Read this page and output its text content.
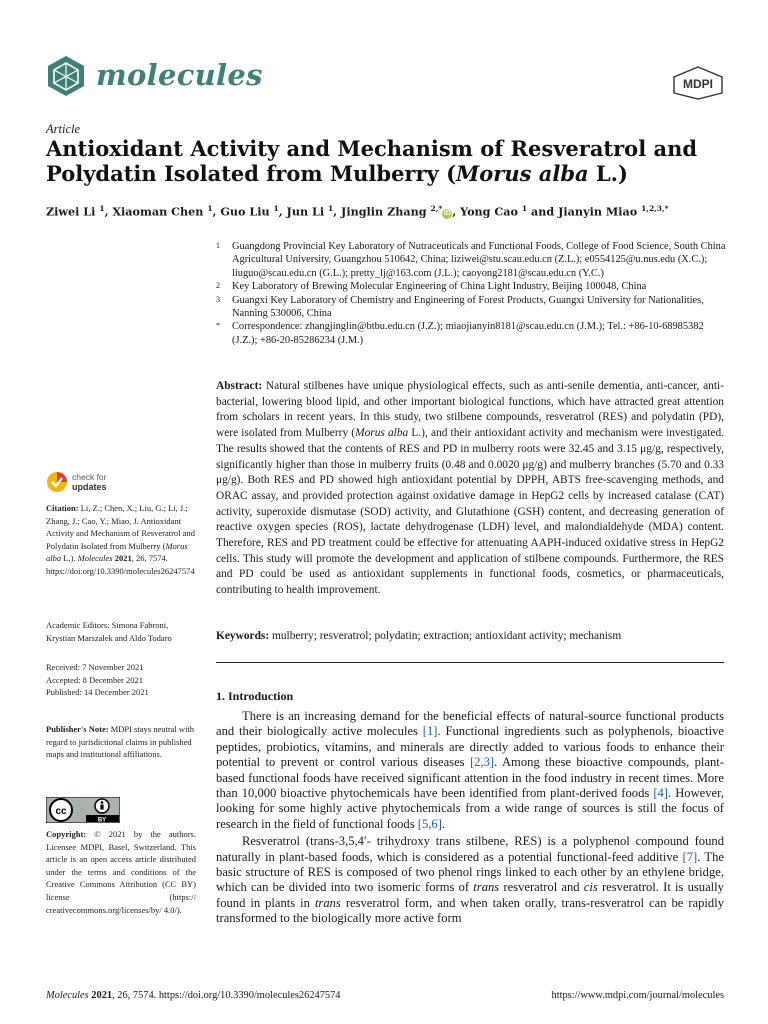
molecules	MDPI
Article
Antioxidant Activity and Mechanism of Resveratrol and
Polydatin Isolated from Mulberry (Morus alba L.)
Ziwei Li $^1$, Xiaoman Chen $^1$, Guo Liu $^1$, Jun Li $^1$, Jinglin Zhang $^{2,*}$iD , Yong Cao $^1$ and Jianyin Miao $^{1,2,3,*}$
1	Guangdong Provincial Key Laboratory of Nutraceuticals and Functional Foods, College of Food Science, South China Agricultural University, Guangzhou 510642, China; liziwei@stu.scau.edu.cn (Z.L.); e0554125@u.nus.edu (X.C.); liuguo@scau.edu.cn (G.L.); pretty_lj@163.com (J.L.); caoyong2181@scau.edu.cn (Y.C.)
2	Key Laboratory of Brewing Molecular Engineering of China Light Industry, Beijing 100048, China
3	Guangxi Key Laboratory of Chemistry and Engineering of Forest Products, Guangxi University for Nationalities, Nanning 530006, China
*	Correspondence: zhangjinglin@btbu.edu.cn (J.Z.); miaojianyin8181@scau.edu.cn (J.M.); Tel.: +86-10-68985382 (J.Z.); +86-20-85286234 (J.M.)
Abstract: Natural stilbenes have unique physiological effects, such as anti-senile dementia, anti-cancer, anti-bacterial, lowering blood lipid, and other important biological functions, which have attracted great attention from scholars in recent years. In this study, two stilbene compounds, resveratrol (RES) and polydatin (PD), were isolated from Mulberry (Morus alba L.), and their antioxidant activity and mechanism were investigated. The results showed that the contents of RES and PD in mulberry roots were 32.45 and 3.15 μg/g, respectively, significantly higher than those in mulberry fruits (0.48 and 0.0020 μg/g) and mulberry branches (5.70 and 0.33 μg/g). Both RES and PD showed high antioxidant potential by DPPH, ABTS free-scavenging methods, and ORAC assay, and provided protection against oxidative damage in HepG2 cells by increased catalase (CAT) activity, superoxide dismutase (SOD) activity, and Glutathione (GSH) content, and decreasing generation of reactive oxygen species (ROS), lactate dehydrogenase (LDH) level, and malondialdehyde (MDA) content. Therefore, RES and PD treatment could be effective for attenuating AAPH-induced oxidative stress in HepG2 cells. This study will promote the development and application of stilbene compounds. Furthermore, the RES and PD could be used as antioxidant supplements in functional foods, cosmetics, or pharmaceuticals, contributing to health improvement.
Keywords: mulberry; resveratrol; polydatin; extraction; antioxidant activity; mechanism
1. Introduction

There is an increasing demand for the beneficial effects of natural-source functional products and their biologically active molecules [1]. Functional ingredients such as polyphenols, bioactive peptides, probiotics, vitamins, and minerals are directly added to various foods to enhance their potential to prevent or control various diseases [2,3]. Among these bioactive compounds, plant-based functional foods have received significant attention in the food industry in recent times. More than 10,000 bioactive phytochemicals have been identified from plant-derived foods [4]. However, looking for some highly active phytochemicals from a wide range of sources is still the focus of research in the field of functional foods [5,6].

Resveratrol (trans-3,5,4′- trihydroxy trans stilbene, RES) is a polyphenol compound found naturally in plant-based foods, which is considered as a potential functional-feed additive [7]. The basic structure of RES is composed of two phenol rings linked to each other by an ethylene bridge, which can be divided into two isomeric forms of trans resveratrol and cis resveratrol. It is usually found in plants in trans resveratrol form, and when taken orally, trans-resveratrol can be rapidly transformed to the biologically more active form

check for
updates
Citation: Li, Z.; Chen, X.; Liu, G.; Li, J.; Zhang, J.; Cao, Y.; Miao, J. Antioxidant Activity and Mechanism of Resveratrol and Polydatin Isolated from Mulberry (Morus alba L.). Molecules 2021, 26, 7574. https://doi.org/10.3390/molecules26247574
Academic Editors: Simona Fabroni, Krystian Marszałek and Aldo Todaro
Received: 7 November 2021
Accepted: 8 December 2021
Published: 14 December 2021
Publisher's Note: MDPI stays neutral with regard to jurisdictional claims in published maps and institutional affiliations.
cc
BY
Copyright: © 2021 by the authors. Licensee MDPI, Basel, Switzerland. This article is an open access article distributed under the terms and conditions of the Creative Commons Attribution (CC BY) license (https:// creativecommons.org/licenses/by/ 4.0/).
Molecules 2021, 26, 7574. https://doi.org/10.3390/molecules26247574	https://www.mdpi.com/journal/molecules
